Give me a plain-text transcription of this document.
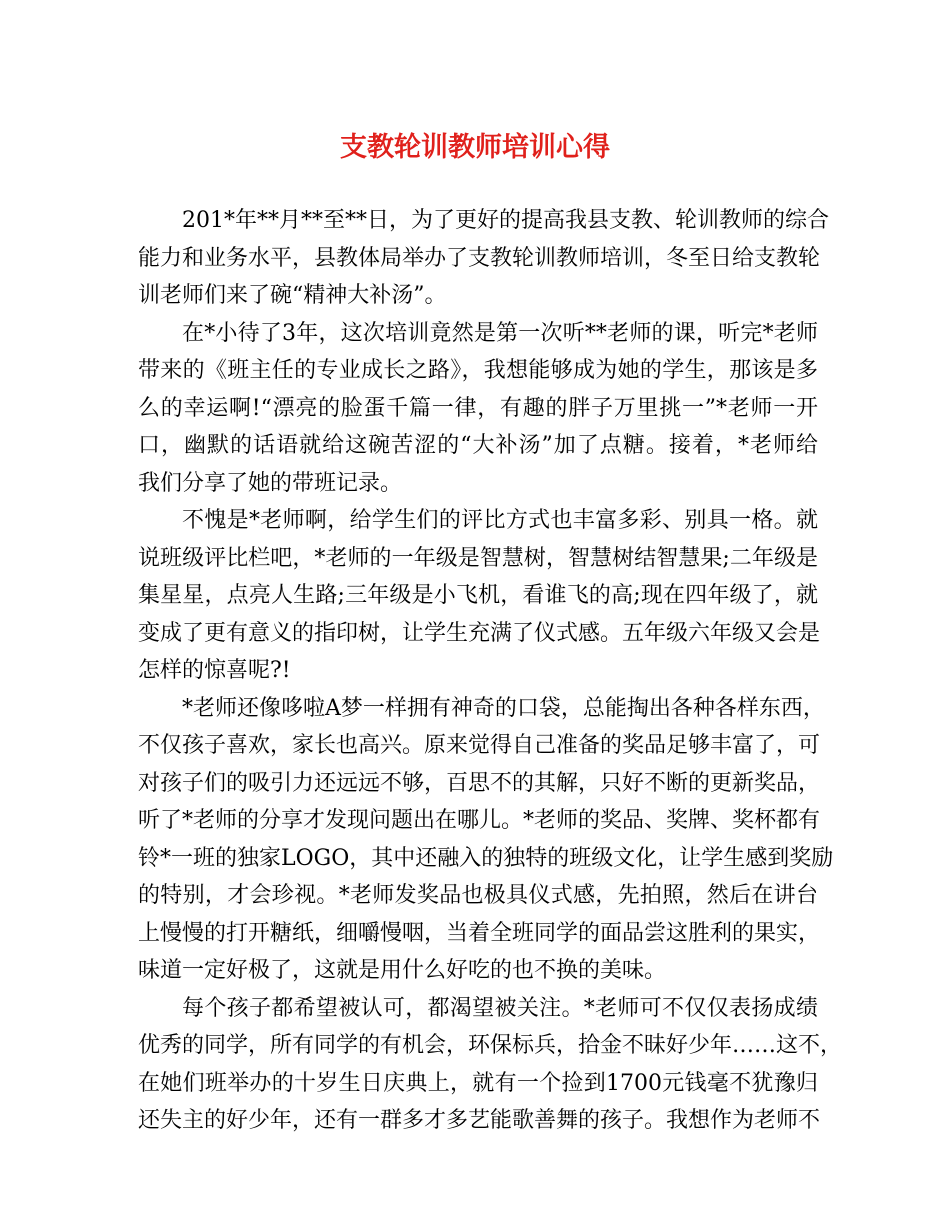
支教轮训教师培训心得
201*年**月**至**日，为了更好的提高我县支教、轮训教师的综合
能力和业务水平，县教体局举办了支教轮训教师培训，冬至日给支教轮
训老师们来了碗“精神大补汤”。
在*小待了3年，这次培训竟然是第一次听**老师的课，听完*老师
带来的《班主任的专业成长之路》，我想能够成为她的学生，那该是多
么的幸运啊!“漂亮的脸蛋千篇一律，有趣的胖子万里挑一”*老师一开
口，幽默的话语就给这碗苦涩的“大补汤”加了点糖。接着，*老师给
我们分享了她的带班记录。
不愧是*老师啊，给学生们的评比方式也丰富多彩、别具一格。就
说班级评比栏吧，*老师的一年级是智慧树，智慧树结智慧果;二年级是
集星星，点亮人生路;三年级是小飞机，看谁飞的高;现在四年级了，就
变成了更有意义的指印树，让学生充满了仪式感。五年级六年级又会是
怎样的惊喜呢?!
*老师还像哆啦A梦一样拥有神奇的口袋，总能掏出各种各样东西，
不仅孩子喜欢，家长也高兴。原来觉得自己准备的奖品足够丰富了，可
对孩子们的吸引力还远远不够，百思不的其解，只好不断的更新奖品，
听了*老师的分享才发现问题出在哪儿。*老师的奖品、奖牌、奖杯都有
铃*一班的独家LOGO，其中还融入的独特的班级文化，让学生感到奖励
的特别，才会珍视。*老师发奖品也极具仪式感，先拍照，然后在讲台
上慢慢的打开糖纸，细嚼慢咽，当着全班同学的面品尝这胜利的果实，
味道一定好极了，这就是用什么好吃的也不换的美味。
每个孩子都希望被认可，都渴望被关注。*老师可不仅仅表扬成绩
优秀的同学，所有同学的有机会，环保标兵，拾金不昧好少年……这不，
在她们班举办的十岁生日庆典上，就有一个捡到1700元钱毫不犹豫归
还失主的好少年，还有一群多才多艺能歌善舞的孩子。我想作为老师不
